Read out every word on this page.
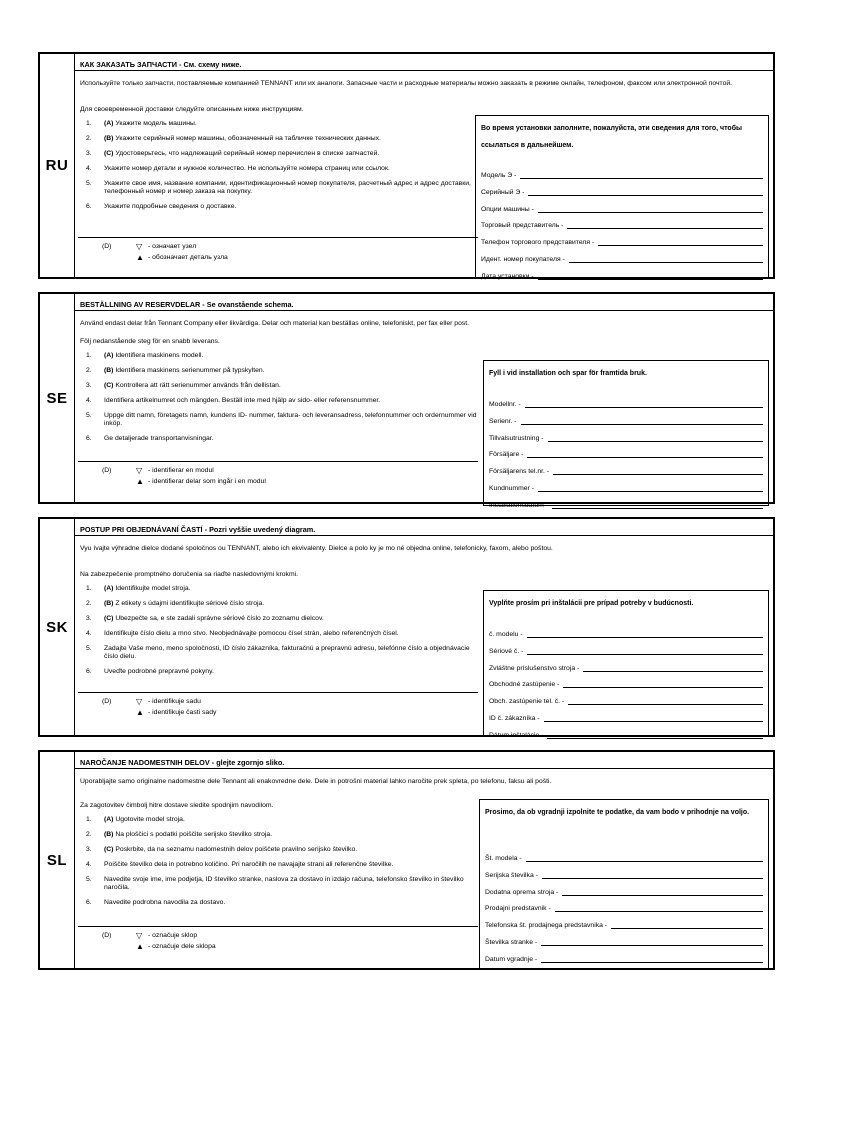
RU
КАК ЗАКАЗАТЬ ЗАПЧАСТИ - См. схему ниже.
Используйте только запчасти, поставляемые компанией TENNANT или их аналоги. Запасные части и расходные материалы можно заказать в режиме онлайн, телефоном, факсом или электронной почтой.
Для своевременной доставки следуйте описанным ниже инструкциям.
1. (A) Укажите модель машины.
2. (B) Укажите серийный номер машины, обозначенный на табличке технических данных.
3. (C) Удостоверьтесь, что надлежащий серийный номер перечислен в списке запчастей.
4. Укажите номер детали и нужное количество. Не используйте номера страниц или ссылок.
5. Укажите свое имя, название компании, идентификационный номер покупателя, расчетный адрес и адрес доставки, телефонный номер и номер заказа на покупку.
6. Укажите подробные сведения о доставке.
(D)	▽ - означает узел
▲ - обозначает деталь узла
Во время установки заполните, пожалуйста, эти сведения для того, чтобы ссылаться в дальнейшем.
Модель Э -
Серийный Э -
Опции машины -
Торговый представитель -
Телефон торгового представителя -
Идент. номер покупателя -
Дата установки -
SE
BESTÄLLNING AV RESERVDELAR - Se ovanstående schema.
Använd endast delar från Tennant Company eller likvärdiga. Delar och material kan beställas online, telefoniskt, per fax eller post.
Följ nedanstående steg för en snabb leverans.
1. (A) Identifiera maskinens modell.
2. (B) Identifiera maskinens serienummer på typskylten.
3. (C) Kontrollera att rätt serienummer används från dellistan.
4. Identifiera artikelnumret och mängden. Beställ inte med hjälp av sido- eller referensnummer.
5. Uppge ditt namn, företagets namn, kundens ID- nummer, faktura- och leveransadress, telefonnummer och ordernummer vid inköp.
6. Ge detaljerade transportanvisningar.
(D)	▽ - identifierar en modul
▲ - identifierar delar som ingår i en modul
Fyll i vid installation och spar för framtida bruk.
Modellnr. -
Serienr. -
Tillvalsutrustning -
Försäljare -
Försäljarens tel.nr. -
Kundnummer -
Installationsdatum -
SK
POSTUP PRI OBJEDNÁVANÍ ČASTÍ - Pozri vyššie uvedený diagram.
Vyu ívajte výhradne dielce dodané spoločnos ou TENNANT, alebo ich ekvivalenty. Dielce a polo ky je mo né objedna online, telefonicky, faxom, alebo poštou.
Na zabezpečenie promptného doručenia sa riaďte nasledovnými krokmi.
1. (A) Identifikujte model stroja.
2. (B) Z etikety s údajmi identifikujte sériové číslo stroja.
3. (C) Ubezpečte sa, e ste zadali správne sériové číslo zo zoznamu dielcov.
4. Identifikujte číslo dielu a mno stvo. Neobjednávajte pomocou čísel strán, alebo referenčných čísel.
5. Zadajte Vaše meno, meno spoločnosti, ID číslo zákazníka, fakturačnú a prepravnú adresu, telefónne číslo a objednávacie číslo dielu.
6. Uveďte podrobné prepravné pokyny.
(D)	▽ - identifikuje sadu
▲ - identifikuje časti sady
Vyplňte prosím pri inštalácii pre prípad potreby v budúcnosti.
č. modelu -
Sériové č. -
Zvláštne príslušenstvo stroja -
Obchodné zastúpenie -
Obch. zastúpenie tel. č. -
ID č. zákazníka -
Dátum inštalácie -
SL
NAROČANJE NADOMESTNIH DELOV - glejte zgornjo sliko.
Uporabljajte samo originalne nadomestne dele Tennant ali enakovredne dele. Dele in potrošni material lahko naročite prek spleta, po telefonu, faksu ali pošti.
Za zagotovitev čimbolj hitre dostave sledite spodnjim navodilom.
1. (A) Ugotovite model stroja.
2. (B) Na ploščici s podatki poiščite serijsko številko stroja.
3. (C) Poskrbite, da na seznamu nadomestnih delov poiščete pravilno serijsko številko.
4. Poiščite številko dela in potrebno količino. Pri naročilih ne navajajte strani ali referenčne številke.
5. Navedite svoje ime, ime podjetja, ID številko stranke, naslova za dostavo in izdajo računa, telefonsko številko in številko naročila.
6. Navedite podrobna navodila za dostavo.
(D)	▽ - označuje sklop
▲ - označuje dele sklopa
Prosimo, da ob vgradnji izpolnite te podatke, da vam bodo v prihodnje na voljo.
Št. modela -
Serijska številka -
Dodatna oprema stroja -
Prodajni predstavnik -
Telefonska št. prodajnega predstavnika -
Številka stranke -
Datum vgradnje -
